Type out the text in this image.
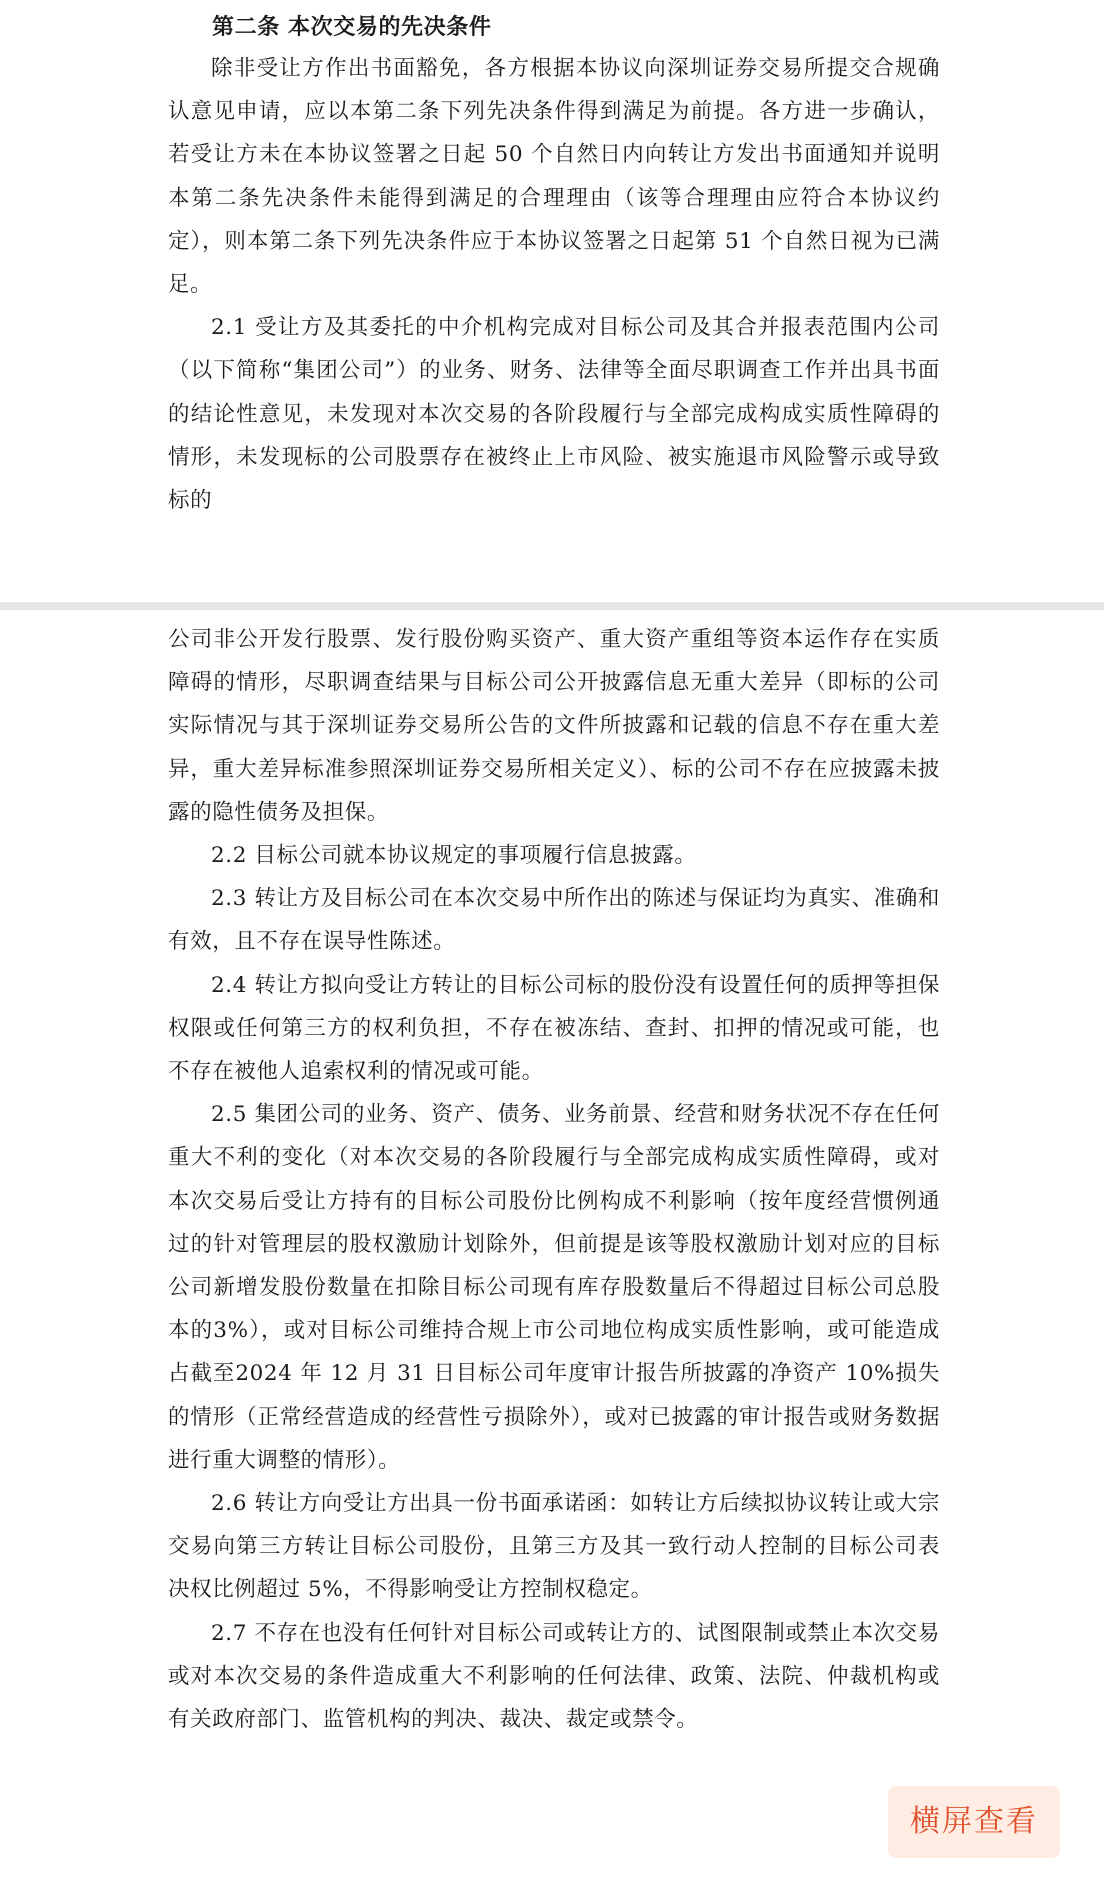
第二条 本次交易的先决条件

除非受让方作出书面豁免，各方根据本协议向深圳证券交易所提交合规确认意见申请，应以本第二条下列先决条件得到满足为前提。各方进一步确认，若受让方未在本协议签署之日起 50 个自然日内向转让方发出书面通知并说明本第二条先决条件未能得到满足的合理理由（该等合理理由应符合本协议约定），则本第二条下列先决条件应于本协议签署之日起第 51 个自然日视为已满足。

2.1 受让方及其委托的中介机构完成对目标公司及其合并报表范围内公司（以下简称“集团公司”）的业务、财务、法律等全面尽职调查工作并出具书面的结论性意见，未发现对本次交易的各阶段履行与全部完成构成实质性障碍的情形，未发现标的公司股票存在被终止上市风险、被实施退市风险警示或导致标的

公司非公开发行股票、发行股份购买资产、重大资产重组等资本运作存在实质障碍的情形，尽职调查结果与目标公司公开披露信息无重大差异（即标的公司实际情况与其于深圳证券交易所公告的文件所披露和记载的信息不存在重大差异，重大差异标准参照深圳证券交易所相关定义）、标的公司不存在应披露未披露的隐性债务及担保。

2.2 目标公司就本协议规定的事项履行信息披露。

2.3 转让方及目标公司在本次交易中所作出的陈述与保证均为真实、准确和有效，且不存在误导性陈述。

2.4 转让方拟向受让方转让的目标公司标的股份没有设置任何的质押等担保权限或任何第三方的权利负担，不存在被冻结、查封、扣押的情况或可能，也不存在被他人追索权利的情况或可能。

2.5 集团公司的业务、资产、债务、业务前景、经营和财务状况不存在任何重大不利的变化（对本次交易的各阶段履行与全部完成构成实质性障碍，或对本次交易后受让方持有的目标公司股份比例构成不利影响（按年度经营惯例通过的针对管理层的股权激励计划除外，但前提是该等股权激励计划对应的目标公司新增发股份数量在扣除目标公司现有库存股数量后不得超过目标公司总股本的3%），或对目标公司维持合规上市公司地位构成实质性影响，或可能造成占截至2024 年 12 月 31 日目标公司年度审计报告所披露的净资产 10%损失的情形（正常经营造成的经营性亏损除外），或对已披露的审计报告或财务数据进行重大调整的情形）。

2.6 转让方向受让方出具一份书面承诺函：如转让方后续拟协议转让或大宗交易向第三方转让目标公司股份，且第三方及其一致行动人控制的目标公司表决权比例超过 5%，不得影响受让方控制权稳定。

2.7 不存在也没有任何针对目标公司或转让方的、试图限制或禁止本次交易或对本次交易的条件造成重大不利影响的任何法律、政策、法院、仲裁机构或有关政府部门、监管机构的判决、裁决、裁定或禁令。

横屏查看
